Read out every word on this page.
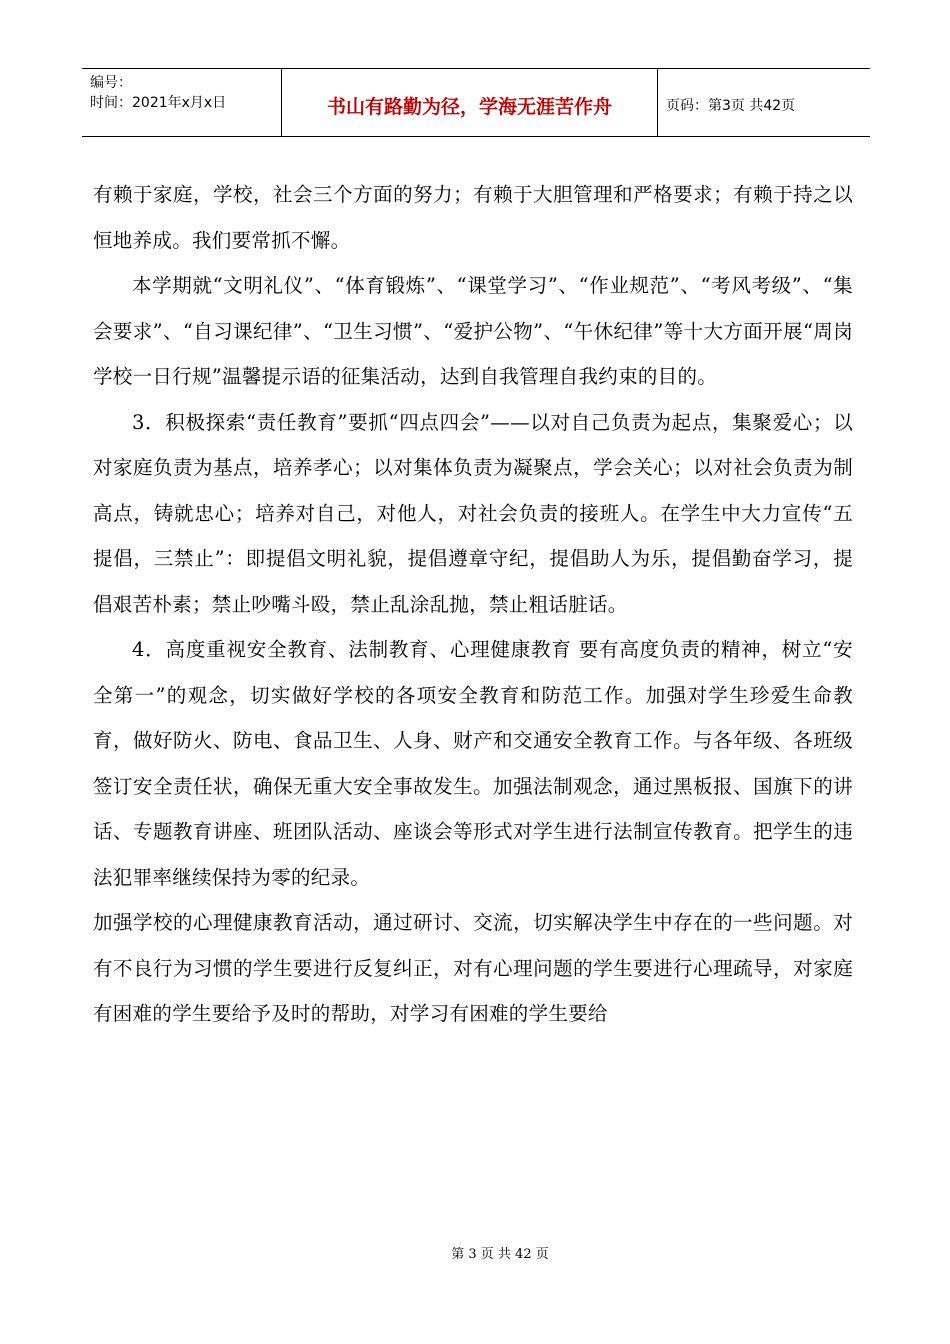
编号：
时间：2021年x月x日	书山有路勤为径，学海无涯苦作舟	页码：第3页 共42页

有赖于家庭，学校，社会三个方面的努力；有赖于大胆管理和严格要求；有赖于持之以恒地养成。我们要常抓不懈。

本学期就“文明礼仪”、“体育锻炼”、“课堂学习”、“作业规范”、“考风考级”、“集会要求”、“自习课纪律”、“卫生习惯”、“爱护公物”、“午休纪律”等十大方面开展“周岗学校一日行规”温馨提示语的征集活动，达到自我管理自我约束的目的。

3．积极探索“责任教育”要抓“四点四会”——以对自己负责为起点，集聚爱心；以对家庭负责为基点，培养孝心；以对集体负责为凝聚点，学会关心；以对社会负责为制高点，铸就忠心；培养对自己，对他人，对社会负责的接班人。在学生中大力宣传“五提倡，三禁止”：即提倡文明礼貌，提倡遵章守纪，提倡助人为乐，提倡勤奋学习，提倡艰苦朴素；禁止吵嘴斗殴，禁止乱涂乱抛，禁止粗话脏话。

4．高度重视安全教育、法制教育、心理健康教育 要有高度负责的精神，树立“安全第一”的观念，切实做好学校的各项安全教育和防范工作。加强对学生珍爱生命教育，做好防火、防电、食品卫生、人身、财产和交通安全教育工作。与各年级、各班级签订安全责任状，确保无重大安全事故发生。加强法制观念，通过黑板报、国旗下的讲话、专题教育讲座、班团队活动、座谈会等形式对学生进行法制宣传教育。把学生的违法犯罪率继续保持为零的纪录。

加强学校的心理健康教育活动，通过研讨、交流，切实解决学生中存在的一些问题。对有不良行为习惯的学生要进行反复纠正，对有心理问题的学生要进行心理疏导，对家庭有困难的学生要给予及时的帮助，对学习有困难的学生要给

第 3 页 共 42 页
